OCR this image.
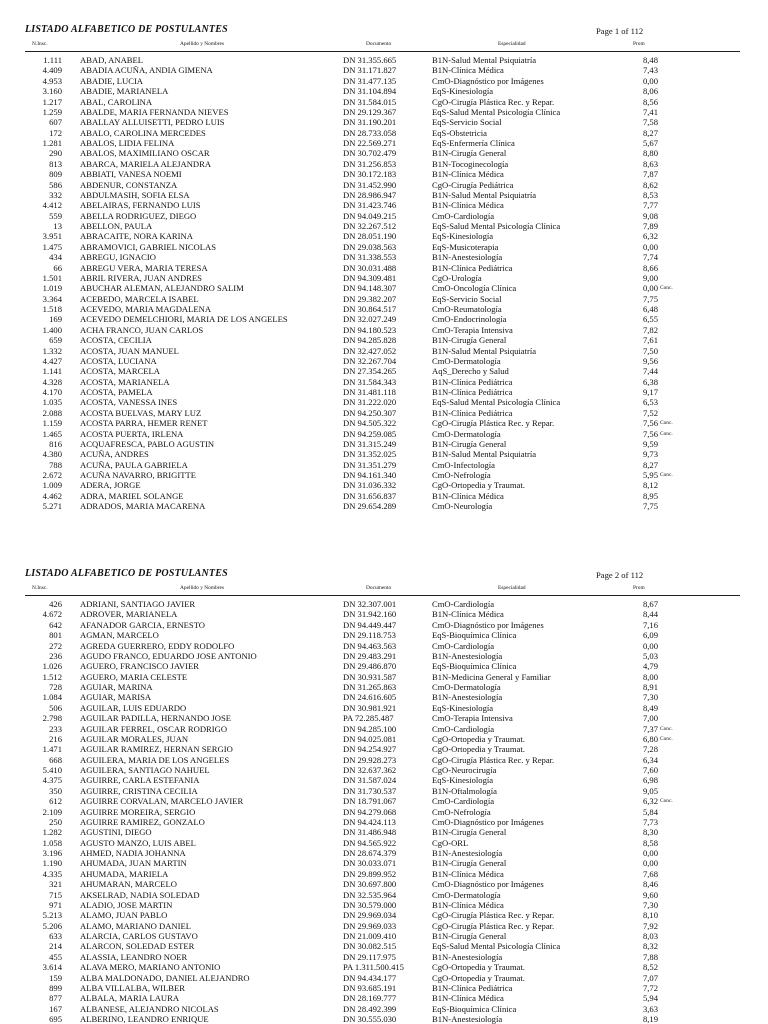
LISTADO ALFABETICO DE POSTULANTES	Page 1 of 112
N.Insc.	Apellido y Nombres	Documento	Especialidad	Prom
1.111 ABAD, ANABEL	DN 31.355.665	B1N-Salud Mental Psiquiatría	8,48
4.409 ABADIA ACUÑA, ANDIA GIMENA	DN 31.171.827	B1N-Clínica Médica	7,43
4.953 ABADIE, LUCIA	DN 31.477.135	CmO-Diagnóstico por Imágenes	0,00
3.160 ABADIE, MARIANELA	DN 31.104.894	EqS-Kinesiología	8,06
1.217 ABAL, CAROLINA	DN 31.584.015	CgO-Cirugía Plástica Rec. y Repar.	8,56
1.259 ABALDE, MARIA FERNANDA NIEVES	DN 29.129.367	EqS-Salud Mental Psicología Clínica	7,41
607 ABALLAY ALLUISETTI, PEDRO LUIS	DN 31.190.201	EqS-Servicio Social	7,58
172 ABALO, CAROLINA MERCEDES	DN 28.733.058	EqS-Obstetricia	8,27
1.281 ABALOS, LIDIA FELINA	DN 22.569.271	EqS-Enfermería Clínica	5,67
290 ABALOS, MAXIMILIANO OSCAR	DN 30.702.479	B1N-Cirugía General	8,80
813 ABARCA, MARIELA ALEJANDRA	DN 31.256.853	B1N-Tocoginecología	8,63
809 ABBIATI, VANESA NOEMI	DN 30.172.183	B1N-Clínica Médica	7,87
586 ABDENUR, CONSTANZA	DN 31.452.990	CgO-Cirugía Pediátrica	8,62
332 ABDULMASIH, SOFIA ELSA	DN 28.986.947	B1N-Salud Mental Psiquiatría	8,53
4.412 ABELAIRAS, FERNANDO LUIS	DN 31.423.746	B1N-Clínica Médica	7,77
559 ABELLA RODRIGUEZ, DIEGO	DN 94.049.215	CmO-Cardiología	9,08
13 ABELLON, PAULA	DN 32.267.512	EqS-Salud Mental Psicología Clínica	7,89
3.951 ABRACAITE, NORA KARINA	DN 28.051.190	EqS-Kinesiología	6,32
1.475 ABRAMOVICI, GABRIEL NICOLAS	DN 29.038.563	EqS-Musicoterapia	0,00
434 ABREGU, IGNACIO	DN 31.338.553	B1N-Anestesiología	7,74
66 ABREGU VERA, MARIA TERESA	DN 30.031.488	B1N-Clínica Pediátrica	8,66
1.501 ABRIL RIVERA, JUAN ANDRES	DN 94.309.481	CgO-Urología	9,00
1.019 ABUCHAR ALEMAN, ALEJANDRO SALIM	DN 94.148.307	CmO-Oncología Clínica	0,00 Conc.
3.364 ACEBEDO, MARCELA ISABEL	DN 29.382.207	EqS-Servicio Social	7,75
1.518 ACEVEDO, MARIA MAGDALENA	DN 30.864.517	CmO-Reumatología	6,48
169 ACEVEDO DEMELCHIORI, MARIA DE LOS ANGELES	DN 32.027.249	CmO-Endocrinología	6,55
1.400 ACHA FRANCO, JUAN CARLOS	DN 94.180.523	CmO-Terapia Intensiva	7,82
659 ACOSTA, CECILIA	DN 94.285.828	B1N-Cirugía General	7,61
1.332 ACOSTA, JUAN MANUEL	DN 32.427.052	B1N-Salud Mental Psiquiatría	7,50
4.427 ACOSTA, LUCIANA	DN 32.267.704	CmO-Dermatología	9,56
1.141 ACOSTA, MARCELA	DN 27.354.265	AqS_Derecho y Salud	7,44
4.328 ACOSTA, MARIANELA	DN 31.584.343	B1N-Clínica Pediátrica	6,38
4.170 ACOSTA, PAMELA	DN 31.481.118	B1N-Clínica Pediátrica	9,17
1.035 ACOSTA, VANESSA INES	DN 31.222.020	EqS-Salud Mental Psicología Clínica	6,53
2.088 ACOSTA BUELVAS, MARY LUZ	DN 94.250.307	B1N-Clínica Pediátrica	7,52
1.159 ACOSTA PARRA, HEMER RENET	DN 94.505.322	CgO-Cirugía Plástica Rec. y Repar.	7,56 Conc.
1.465 ACOSTA PUERTA, IRLENA	DN 94.259.085	CmO-Dermatología	7,56 Conc.
816 ACQUAFRESCA, PABLO AGUSTIN	DN 31.315.249	B1N-Cirugía General	9,59
4.380 ACUÑA, ANDRES	DN 31.352.025	B1N-Salud Mental Psiquiatría	9,73
788 ACUÑA, PAULA GABRIELA	DN 31.351.279	CmO-Infectología	8,27
2.672 ACUÑA NAVARRO, BRIGITTE	DN 94.161.340	CmO-Nefrología	5,95 Conc.
1.009 ADERA, JORGE	DN 31.036.332	CgO-Ortopedia y Traumat.	8,12
4.462 ADRA, MARIEL SOLANGE	DN 31.656.837	B1N-Clínica Médica	8,95
5.271 ADRADOS, MARIA MACARENA	DN 29.654.289	CmO-Neurología	7,75
LISTADO ALFABETICO DE POSTULANTES	Page 2 of 112
N.Insc.	Apellido y Nombres	Documento	Especialidad	Prom
426 ADRIANI, SANTIAGO JAVIER	DN 32.307.001	CmO-Cardiología	8,67
4.672 ADROVER, MARIANELA	DN 31.942.160	B1N-Clínica Médica	8,44
642 AFANADOR GARCIA, ERNESTO	DN 94.449.447	CmO-Diagnóstico por Imágenes	7,16
801 AGMAN, MARCELO	DN 29.118.753	EqS-Bioquímica Clínica	6,09
272 AGREDA GUERRERO, EDDY RODOLFO	DN 94.463.563	CmO-Cardiología	0,00
236 AGUDO FRANCO, EDUARDO JOSE ANTONIO	DN 29.483.291	B1N-Anestesiología	5,03
1.026 AGUERO, FRANCISCO JAVIER	DN 29.486.870	EqS-Bioquímica Clínica	4,79
1.512 AGUERO, MARIA CELESTE	DN 30.931.587	B1N-Medicina General y Familiar	8,00
728 AGUIAR, MARINA	DN 31.265.863	CmO-Dermatología	8,91
1.084 AGUIAR, MARISA	DN 24.616.605	B1N-Anestesiología	7,30
506 AGUILAR, LUIS EDUARDO	DN 30.981.921	EqS-Kinesiología	8,49
2.798 AGUILAR PADILLA, HERNANDO JOSE	PA 72.285.487	CmO-Terapia Intensiva	7,00
233 AGUILAR FERREL, OSCAR RODRIGO	DN 94.285.100	CmO-Cardiología	7,37 Conc.
216 AGUILAR MORALES, JUAN	DN 94.025.081	CgO-Ortopedia y Traumat.	6,80 Conc.
1.471 AGUILAR RAMIREZ, HERNAN SERGIO	DN 94.254.927	CgO-Ortopedia y Traumat.	7,28
668 AGUILERA, MARIA DE LOS ANGELES	DN 29.928.273	CgO-Cirugía Plástica Rec. y Repar.	6,34
5.410 AGUILERA, SANTIAGO NAHUEL	DN 32.637.362	CgO-Neurocirugía	7,60
4.375 AGUIRRE, CARLA ESTEFANIA	DN 31.587.024	EqS-Kinesiología	6,98
350 AGUIRRE, CRISTINA CECILIA	DN 31.730.537	B1N-Oftalmología	9,05
612 AGUIRRE CORVALAN, MARCELO JAVIER	DN 18.791.067	CmO-Cardiología	6,32 Conc.
2.109 AGUIRRE MOREIRA, SERGIO	DN 94.279.068	CmO-Nefrología	5,84
250 AGUIRRE RAMIREZ, GONZALO	DN 94.424.113	CmO-Diagnóstico por Imágenes	7,73
1.282 AGUSTINI, DIEGO	DN 31.486.948	B1N-Cirugía General	8,30
1.058 AGUSTO MANZO, LUIS ABEL	DN 94.565.922	CgO-ORL	8,58
3.196 AHMED, NADIA JOHANNA	DN 28.674.379	B1N-Anestesiología	0,00
1.190 AHUMADA, JUAN MARTIN	DN 30.033.071	B1N-Cirugía General	0,00
4.335 AHUMADA, MARIELA	DN 29.899.952	B1N-Clínica Médica	7,68
321 AHUMARAN, MARCELO	DN 30.697.800	CmO-Diagnóstico por Imágenes	8,46
715 AKSELRAD, NADIA SOLEDAD	DN 32.535.964	CmO-Dermatología	9,60
971 ALADIO, JOSE MARTIN	DN 30.579.000	B1N-Clínica Médica	7,30
5.213 ALAMO, JUAN PABLO	DN 29.969.034	CgO-Cirugía Plástica Rec. y Repar.	8,10
5.206 ALAMO, MARIANO DANIEL	DN 29.969.033	CgO-Cirugía Plástica Rec. y Repar.	7,92
633 ALARCIA, CARLOS GUSTAVO	DN 21.009.410	B1N-Cirugía General	8,03
214 ALARCON, SOLEDAD ESTER	DN 30.082.515	EqS-Salud Mental Psicología Clínica	8,32
455 ALASSIA, LEANDRO NOER	DN 29.117.975	B1N-Anestesiología	7,88
3.614 ALAVA MERO, MARIANO ANTONIO	PA 1.311.500.415	CgO-Ortopedia y Traumat.	8,52
159 ALBA MALDONADO, DANIEL ALEJANDRO	DN 94.434.177	CgO-Ortopedia y Traumat.	7,07
899 ALBA VILLALBA, WILBER	DN 93.685.191	B1N-Clínica Pediátrica	7,72
877 ALBALA, MARIA LAURA	DN 28.169.777	B1N-Clínica Médica	5,94
167 ALBANESE, ALEJANDRO NICOLAS	DN 28.492.399	EqS-Bioquímica Clínica	3,63
695 ALBERINO, LEANDRO ENRIQUE	DN 30.555.030	B1N-Anestesiología	8,19
